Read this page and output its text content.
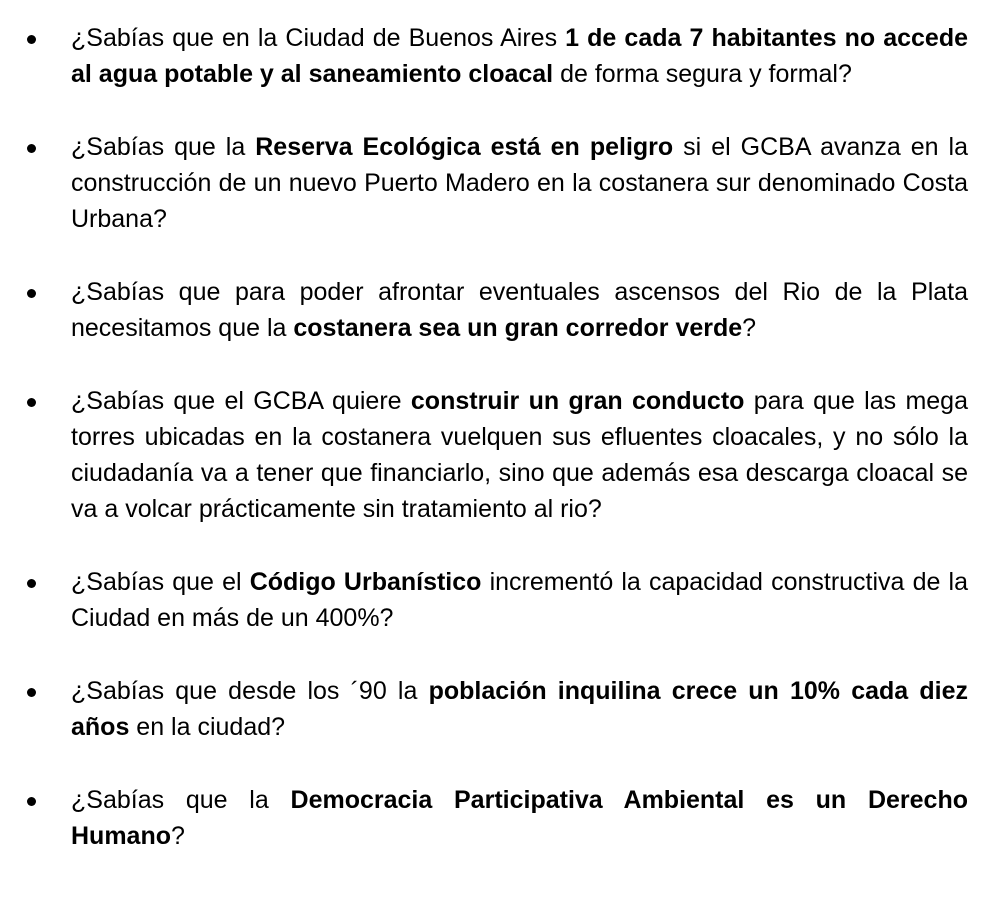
¿Sabías que en la Ciudad de Buenos Aires 1 de cada 7 habitantes no accede al agua potable y al saneamiento cloacal de forma segura y formal?
¿Sabías que la Reserva Ecológica está en peligro si el GCBA avanza en la construcción de un nuevo Puerto Madero en la costanera sur denominado Costa Urbana?
¿Sabías que para poder afrontar eventuales ascensos del Rio de la Plata necesitamos que la costanera sea un gran corredor verde?
¿Sabías que el GCBA quiere construir un gran conducto para que las mega torres ubicadas en la costanera vuelquen sus efluentes cloacales, y no sólo la ciudadanía va a tener que financiarlo, sino que además esa descarga cloacal se va a volcar prácticamente sin tratamiento al rio?
¿Sabías que el Código Urbanístico incrementó la capacidad constructiva de la Ciudad en más de un 400%?
¿Sabías que desde los ´90 la población inquilina crece un 10% cada diez años en la ciudad?
¿Sabías que la Democracia Participativa Ambiental es un Derecho Humano?
